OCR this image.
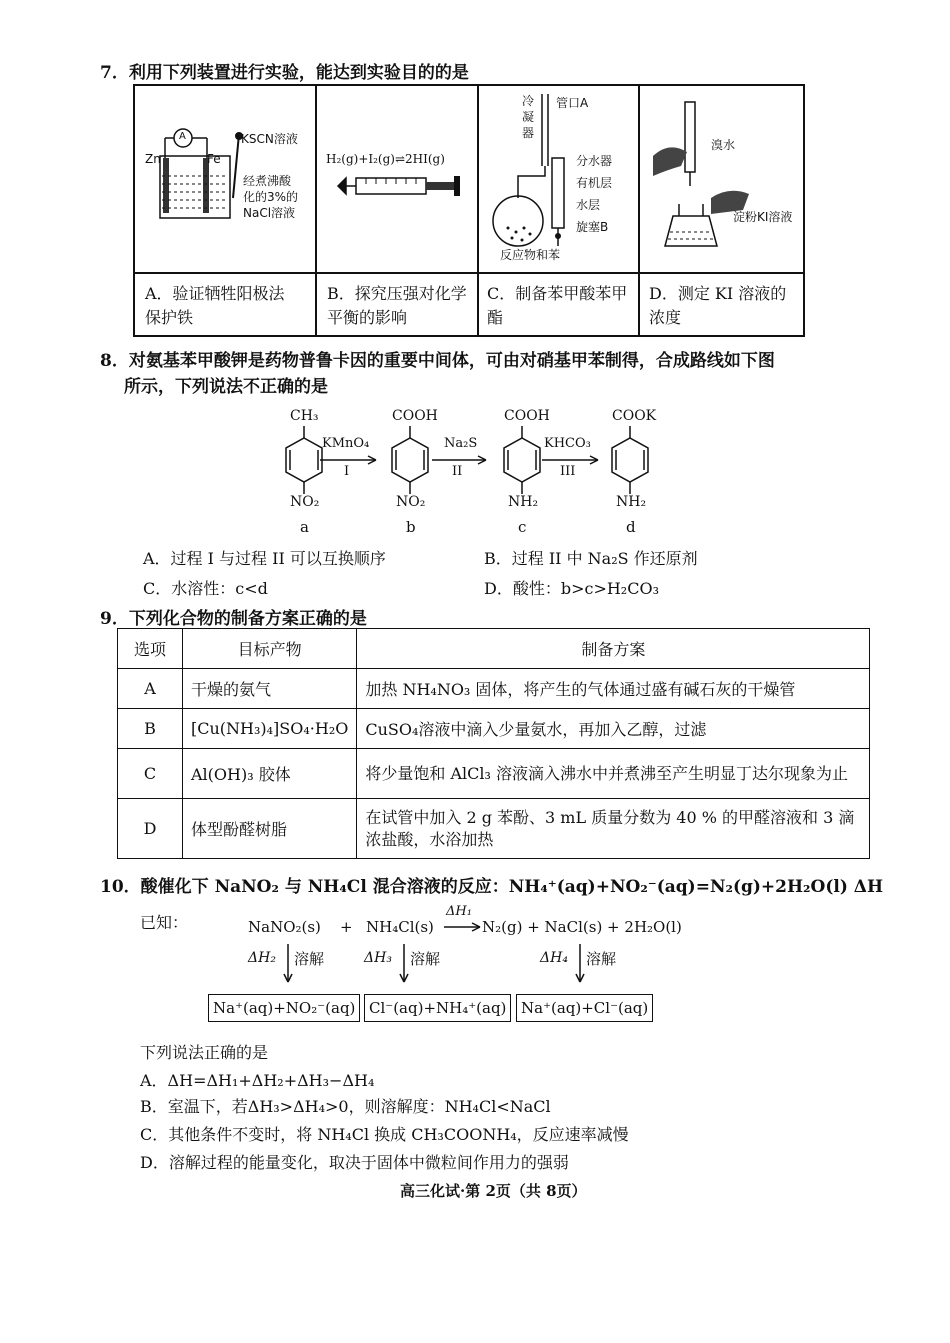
7．利用下列装置进行实验，能达到实验目的的是
A
Zn	Fe
KSCN溶液
经煮沸酸
化的3%的
NaCl溶液
H₂(g)+I₂(g)⇌2HI(g)
冷
凝
器
管口A
分水器
有机层
水层
旋塞B
反应物和苯
溴水
淀粉KI溶液
A．验证牺牲阳极法保护铁
B．探究压强对化学平衡的影响
C．制备苯甲酸苯甲酯
D．测定 KI 溶液的浓度
8．对氨基苯甲酸钾是药物普鲁卡因的重要中间体，可由对硝基甲苯制得，合成路线如下图
所示，下列说法不正确的是
CH₃
NO₂
a
COOH
NO₂
b
COOH
NH₂
c
COOK
NH₂
d
KMnO₄
I
Na₂S
II
KHCO₃
III
A．过程 I 与过程 II 可以互换顺序	B．过程 II 中 Na₂S 作还原剂
C．水溶性：c<d	D．酸性：b>c>H₂CO₃
9．下列化合物的制备方案正确的是
选项	目标产物	制备方案
A	干燥的氨气	加热 NH₄NO₃ 固体，将产生的气体通过盛有碱石灰的干燥管
B	[Cu(NH₃)₄]SO₄·H₂O	CuSO₄溶液中滴入少量氨水，再加入乙醇，过滤
C	Al(OH)₃ 胶体	将少量饱和 AlCl₃ 溶液滴入沸水中并煮沸至产生明显丁达尔现象为止
D	体型酚醛树脂	在试管中加入 2 g 苯酚、3 mL 质量分数为 40 % 的甲醛溶液和 3 滴浓盐酸，水浴加热
10．酸催化下 NaNO₂ 与 NH₄Cl 混合溶液的反应：NH₄⁺(aq)+NO₂⁻(aq)=N₂(g)+2H₂O(l) ΔH
已知：	NaNO₂(s) + NH₄Cl(s)
ΔH₁
N₂(g) + NaCl(s) + 2H₂O(l)
ΔH₂ 溶解	ΔH₃ 溶解	ΔH₄ 溶解
Na⁺(aq)+NO₂⁻(aq) Cl⁻(aq)+NH₄⁺(aq) Na⁺(aq)+Cl⁻(aq)
下列说法正确的是
A．ΔH=ΔH₁+ΔH₂+ΔH₃−ΔH₄
B．室温下，若ΔH₃>ΔH₄>0，则溶解度：NH₄Cl<NaCl
C．其他条件不变时，将 NH₄Cl 换成 CH₃COONH₄，反应速率减慢
D．溶解过程的能量变化，取决于固体中微粒间作用力的强弱
高三化试·第 2页（共 8页）
